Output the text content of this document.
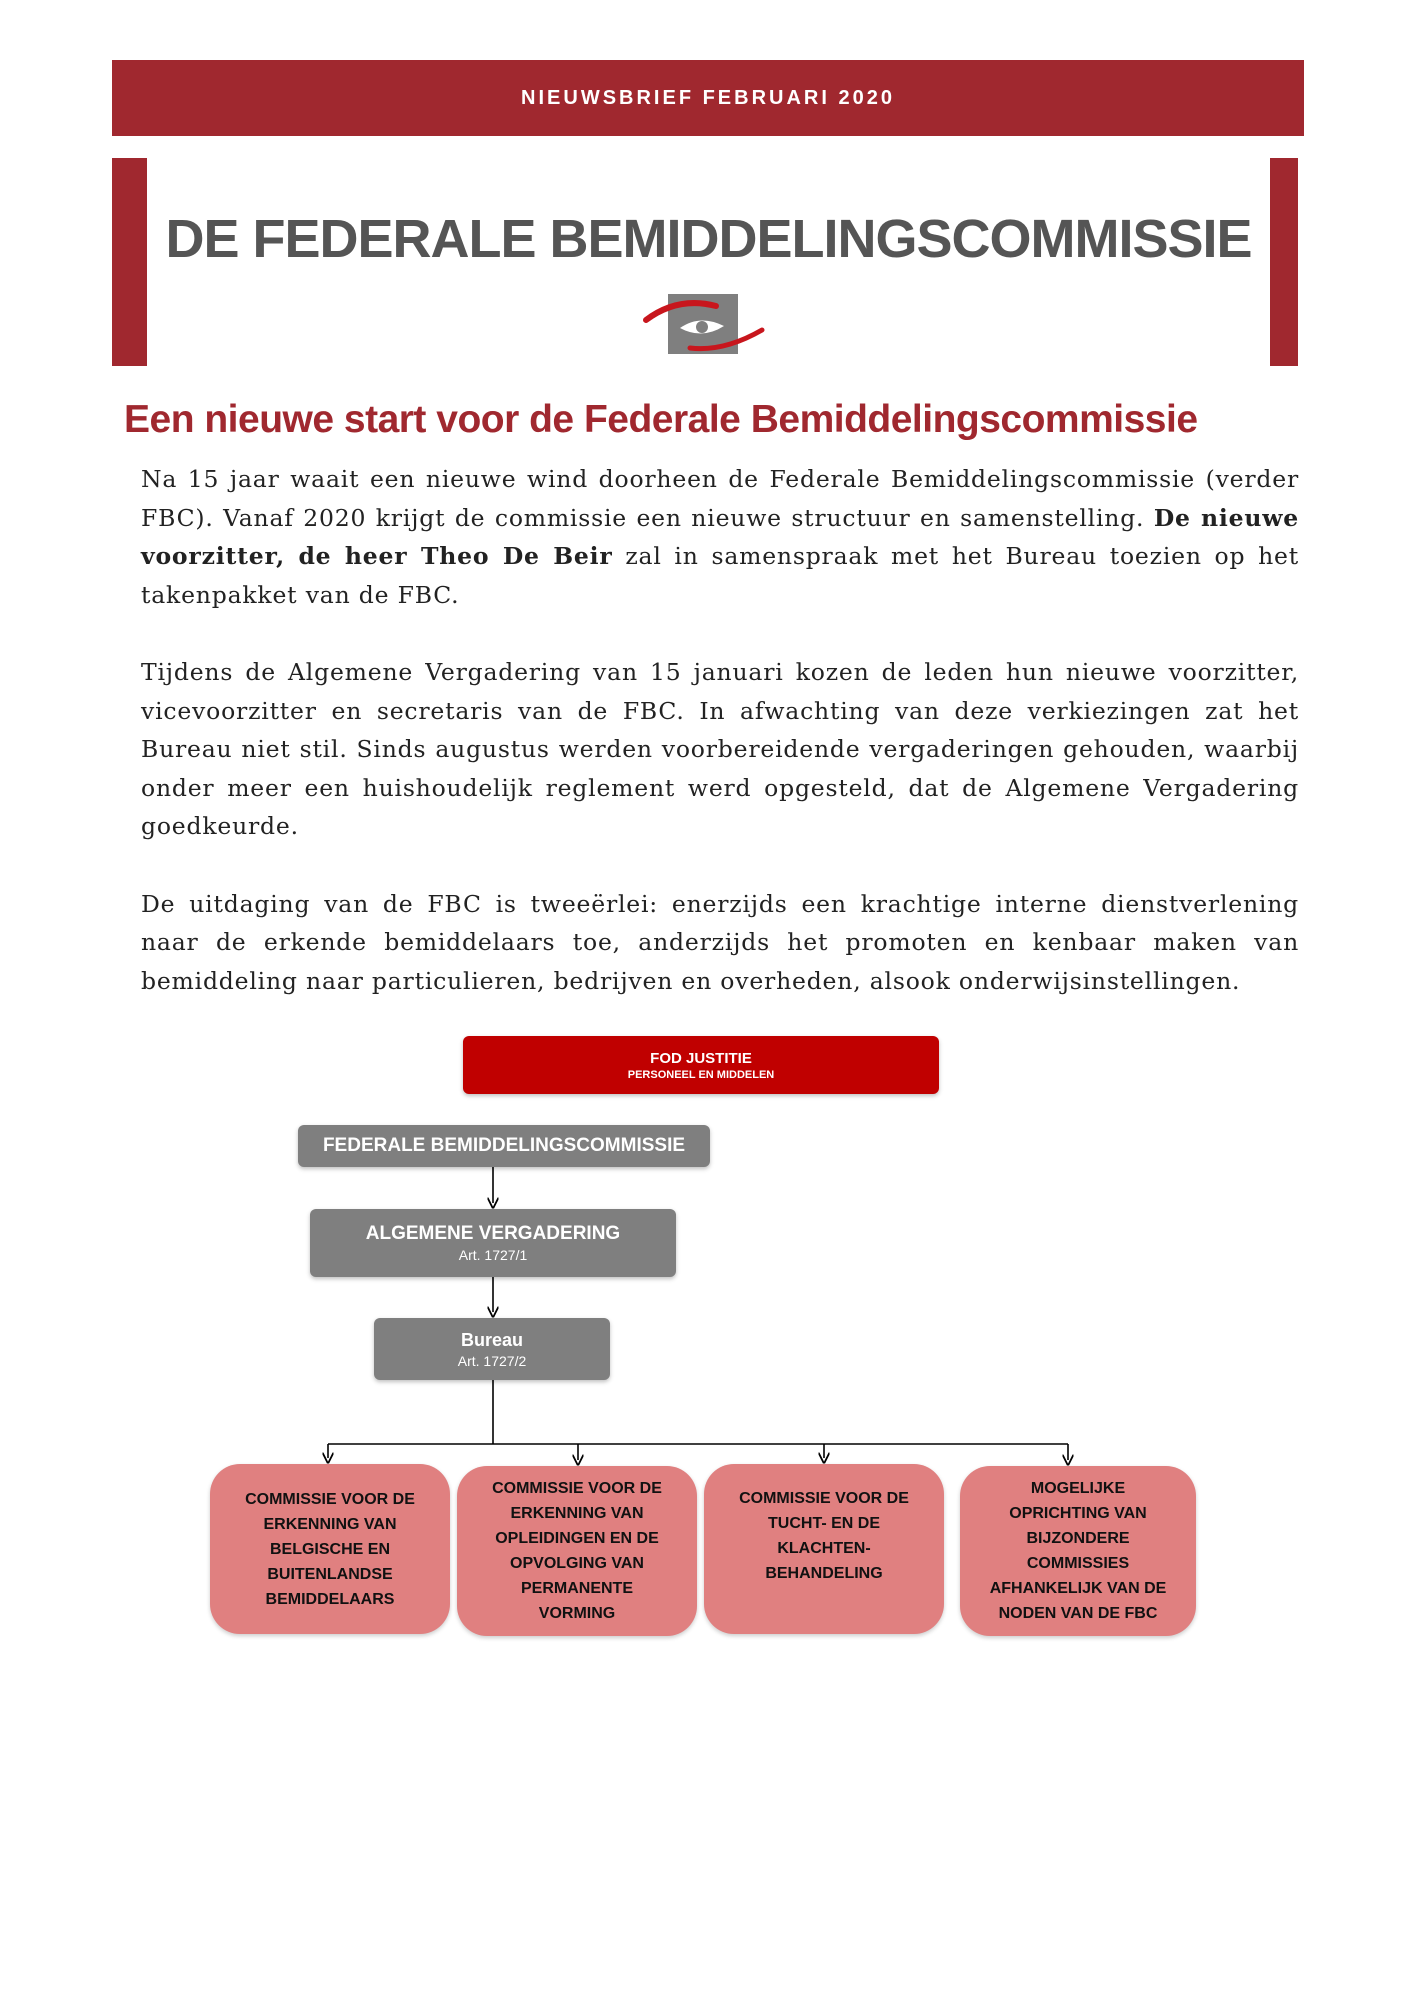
NIEUWSBRIEF FEBRUARI 2020
DE FEDERALE BEMIDDELINGSCOMMISSIE
Een nieuwe start voor de Federale Bemiddelingscommissie

Na 15 jaar waait een nieuwe wind doorheen de Federale Bemiddelingscommissie (verder FBC). Vanaf 2020 krijgt de commissie een nieuwe structuur en samenstelling. De nieuwe voorzitter, de heer Theo De Beir zal in samenspraak met het Bureau toezien op het takenpakket van de FBC.

Tijdens de Algemene Vergadering van 15 januari kozen de leden hun nieuwe voorzitter, vicevoorzitter en secretaris van de FBC. In afwachting van deze verkiezingen zat het Bureau niet stil. Sinds augustus werden voorbereidende vergaderingen gehouden, waarbij onder meer een huishoudelijk reglement werd opgesteld, dat de Algemene Vergadering goedkeurde.

De uitdaging van de FBC is tweeërlei: enerzijds een krachtige interne dienstverlening naar de erkende bemiddelaars toe, anderzijds het promoten en kenbaar maken van bemiddeling naar particulieren, bedrijven en overheden, alsook onderwijsinstellingen.

FOD JUSTITIE
PERSONEEL EN MIDDELEN
FEDERALE BEMIDDELINGSCOMMISSIE
ALGEMENE VERGADERING
Art. 1727/1
Bureau
Art. 1727/2
COMMISSIE VOOR DE
ERKENNING VAN
BELGISCHE EN
BUITENLANDSE
BEMIDDELAARS
COMMISSIE VOOR DE
ERKENNING VAN
OPLEIDINGEN EN DE
OPVOLGING VAN
PERMANENTE
VORMING
COMMISSIE VOOR DE
TUCHT- EN DE
KLACHTEN-
BEHANDELING
MOGELIJKE
OPRICHTING VAN
BIJZONDERE
COMMISSIES
AFHANKELIJK VAN DE
NODEN VAN DE FBC
